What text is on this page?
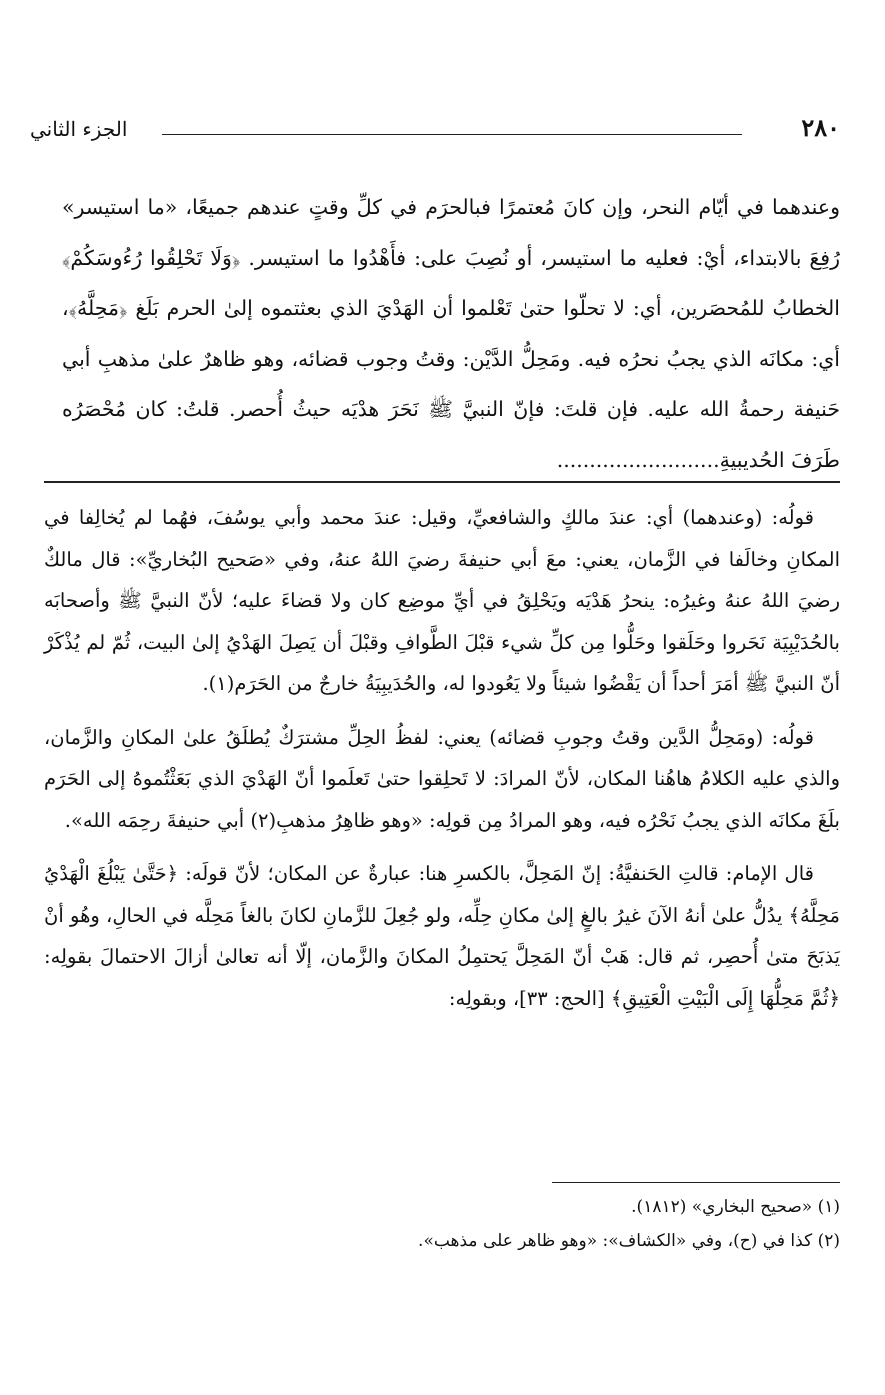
٢٨٠
الجزء الثاني

وعندهما في أيّام النحر، وإن كانَ مُعتمرًا فبالحرَم في كلِّ وقتٍ عندهم جميعًا، «ما استيسر» رُفِعَ بالابتداء، أيْ: فعليه ما استيسر، أو نُصِبَ على: فأَهْدُوا ما استيسر. ﴿وَلَا تَحْلِقُوا رُءُوسَكُمْ﴾ الخطابُ للمُحصَرين، أي: لا تحلّوا حتىٰ تَعْلموا أن الهَدْيَ الذي بعثتموه إلىٰ الحرم بَلَغ ﴿مَحِلَّهُ﴾، أي: مكانَه الذي يجبُ نحرُه فيه. ومَحِلُّ الدَّيْن: وقتُ وجوب قضائه، وهو ظاهرٌ علىٰ مذهبِ أبي حَنيفة رحمةُ الله عليه. فإن قلتَ: فإنّ النبيَّ ﷺ نَحَرَ هدْيَه حيثُ أُحصر. قلتُ: كان مُحْصَرُه طَرَفَ الحُديبيةِ.........................

قولُه: (وعندهما) أي: عندَ مالكٍ والشافعيِّ، وقيل: عندَ محمد وأبي يوسُفَ، فهُما لم يُخالِفا في المكانِ وخالَفا في الزَّمان، يعني: معَ أبي حنيفةَ رضيَ اللهُ عنهُ، وفي «صَحيح البُخاريِّ»: قال مالكٌ رضيَ اللهُ عنهُ وغيرُه: ينحرُ هَدْيَه ويَحْلِقُ في أيِّ موضِع كان ولا قضاءَ عليه؛ لأنّ النبيَّ ﷺ وأصحابَه بالحُدَيْبِيَة نَحَروا وحَلَقوا وحَلُّوا مِن كلِّ شيء قبْلَ الطَّوافِ وقبْلَ أن يَصِلَ الهَدْيُ إلىٰ البيت، ثُمّ لم يُذْكَرْ أنّ النبيَّ ﷺ أمَرَ أحداً أن يَقْضُوا شيئاً ولا يَعُودوا له، والحُدَيبِيَةُ خارجٌ من الحَرَم(١).

قولُه: (ومَحِلُّ الدَّين وقتُ وجوبِ قضائه) يعني: لفظُ الحِلِّ مشترَكٌ يُطلَقُ علىٰ المكانِ والزَّمان، والذي عليه الكلامُ هاهُنا المكان، لأنّ المرادَ: لا تَحلِقوا حتىٰ تَعلَموا أنّ الهَدْيَ الذي بَعَثْتُموهُ إلى الحَرَم بلَغَ مكانَه الذي يجبُ نَحْرُه فيه، وهو المرادُ مِن قولِه: «وهو ظاهِرُ مذهبِ(٢) أبي حنيفةَ رحِمَه الله».

قال الإمام: قالتِ الحَنفيَّةُ: إنّ المَحِلَّ، بالكسرِ هنا: عبارةٌ عن المكان؛ لأنّ قولَه: ﴿حَتَّىٰ يَبْلُغَ الْهَدْيُ مَحِلَّهُ﴾ يدُلُّ علىٰ أنهُ الآنَ غيرُ بالغٍ إلىٰ مكانِ حِلِّه، ولو جُعِلَ للزَّمانِ لكانَ بالغاً مَحِلَّه في الحالِ، وهُو أنْ يَذبَحَ متىٰ أُحصِر، ثم قال: هَبْ أنّ المَحِلَّ يَحتمِلُ المكانَ والزَّمان، إلّا أنه تعالىٰ أزالَ الاحتمالَ بقولِه: ﴿ثُمَّ مَحِلُّهَا إِلَى الْبَيْتِ الْعَتِيقِ﴾ [الحج: ٣٣]، وبقولِه:

(١) «صحيح البخاري» (١٨١٢).

(٢) كذا في (ح)، وفي «الكشاف»: «وهو ظاهر على مذهب».
